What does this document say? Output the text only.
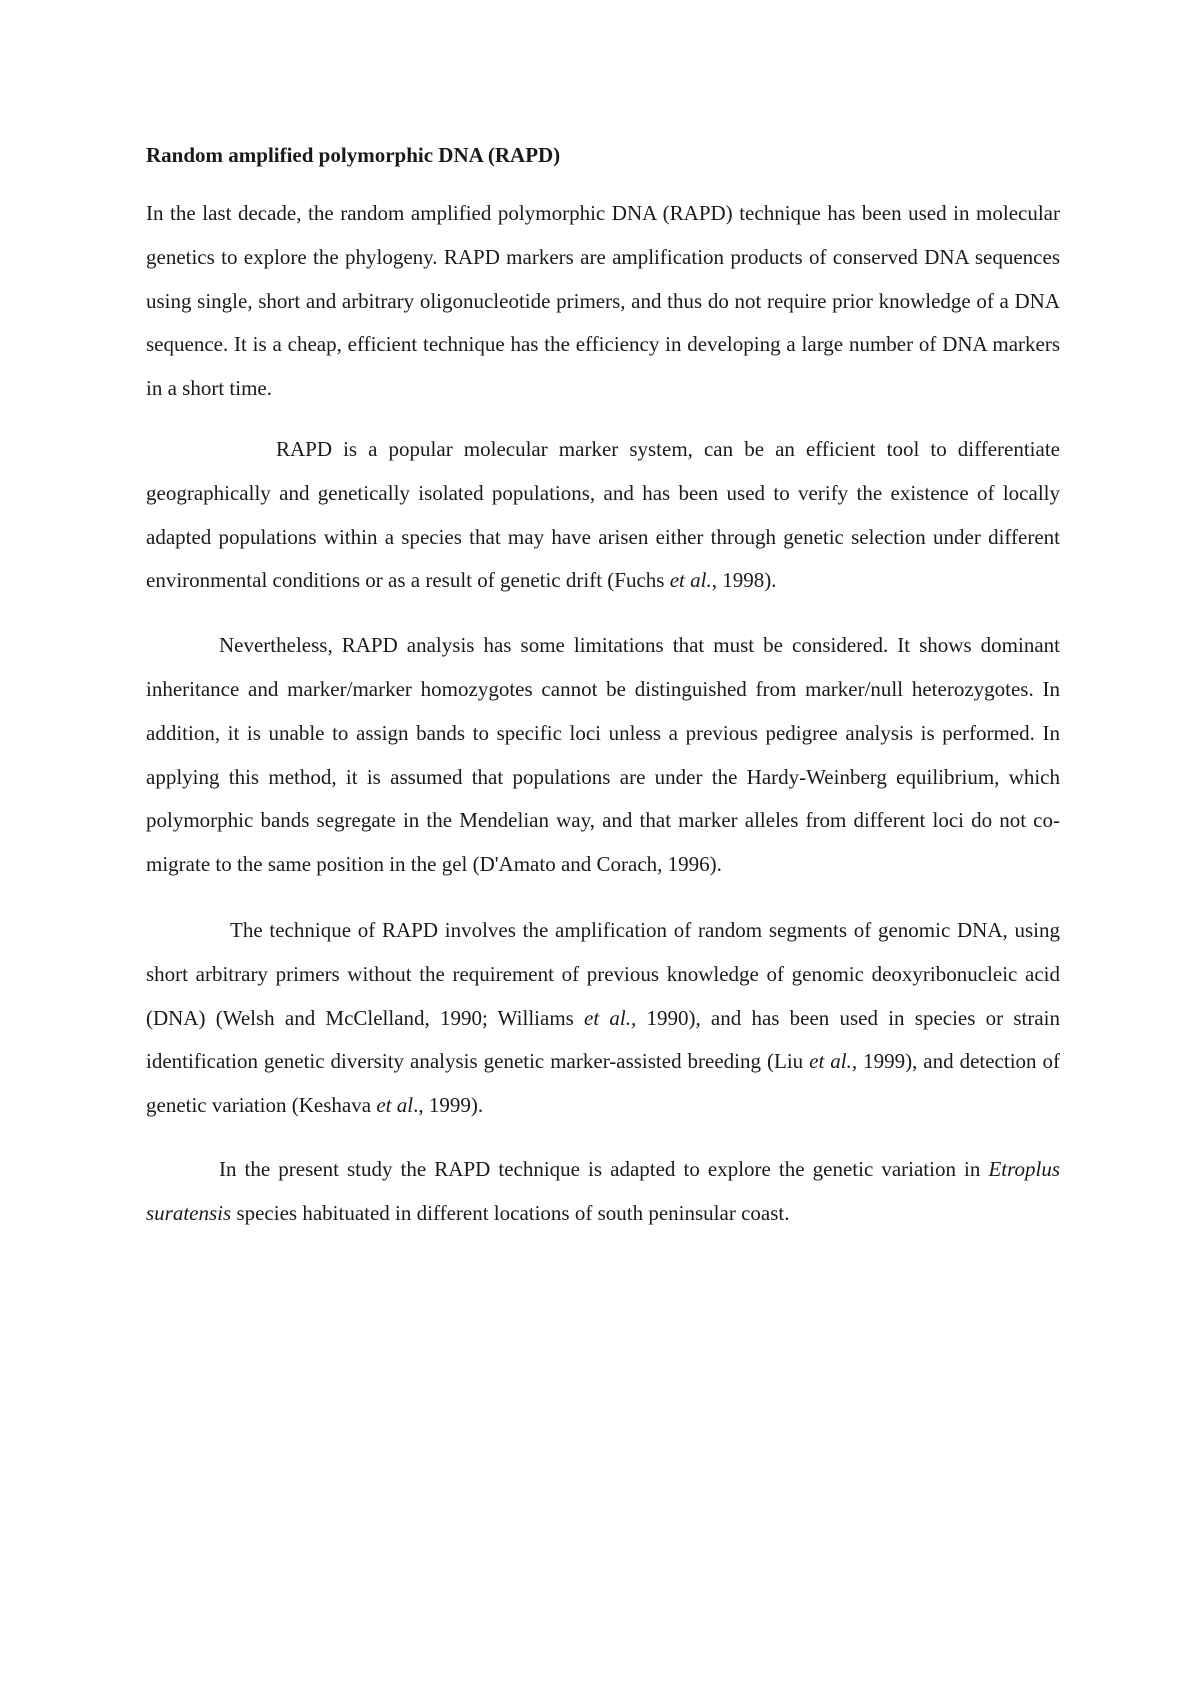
Random amplified polymorphic DNA (RAPD)

In the last decade, the random amplified polymorphic DNA (RAPD) technique has been used in molecular genetics to explore the phylogeny. RAPD markers are amplification products of conserved DNA sequences using single, short and arbitrary oligonucleotide primers, and thus do not require prior knowledge of a DNA sequence. It is a cheap, efficient technique has the efficiency in developing a large number of DNA markers in a short time.

RAPD is a popular molecular marker system, can be an efficient tool to differentiate geographically and genetically isolated populations, and has been used to verify the existence of locally adapted populations within a species that may have arisen either through genetic selection under different environmental conditions or as a result of genetic drift (Fuchs et al., 1998).

Nevertheless, RAPD analysis has some limitations that must be considered. It shows dominant inheritance and marker/marker homozygotes cannot be distinguished from marker/null heterozygotes. In addition, it is unable to assign bands to specific loci unless a previous pedigree analysis is performed. In applying this method, it is assumed that populations are under the Hardy-Weinberg equilibrium, which polymorphic bands segregate in the Mendelian way, and that marker alleles from different loci do not co-migrate to the same position in the gel (D'Amato and Corach, 1996).

The technique of RAPD involves the amplification of random segments of genomic DNA, using short arbitrary primers without the requirement of previous knowledge of genomic deoxyribonucleic acid (DNA) (Welsh and McClelland, 1990; Williams et al., 1990), and has been used in species or strain identification genetic diversity analysis genetic marker-assisted breeding (Liu et al., 1999), and detection of genetic variation (Keshava et al., 1999).

In the present study the RAPD technique is adapted to explore the genetic variation in Etroplus suratensis species habituated in different locations of south peninsular coast.
